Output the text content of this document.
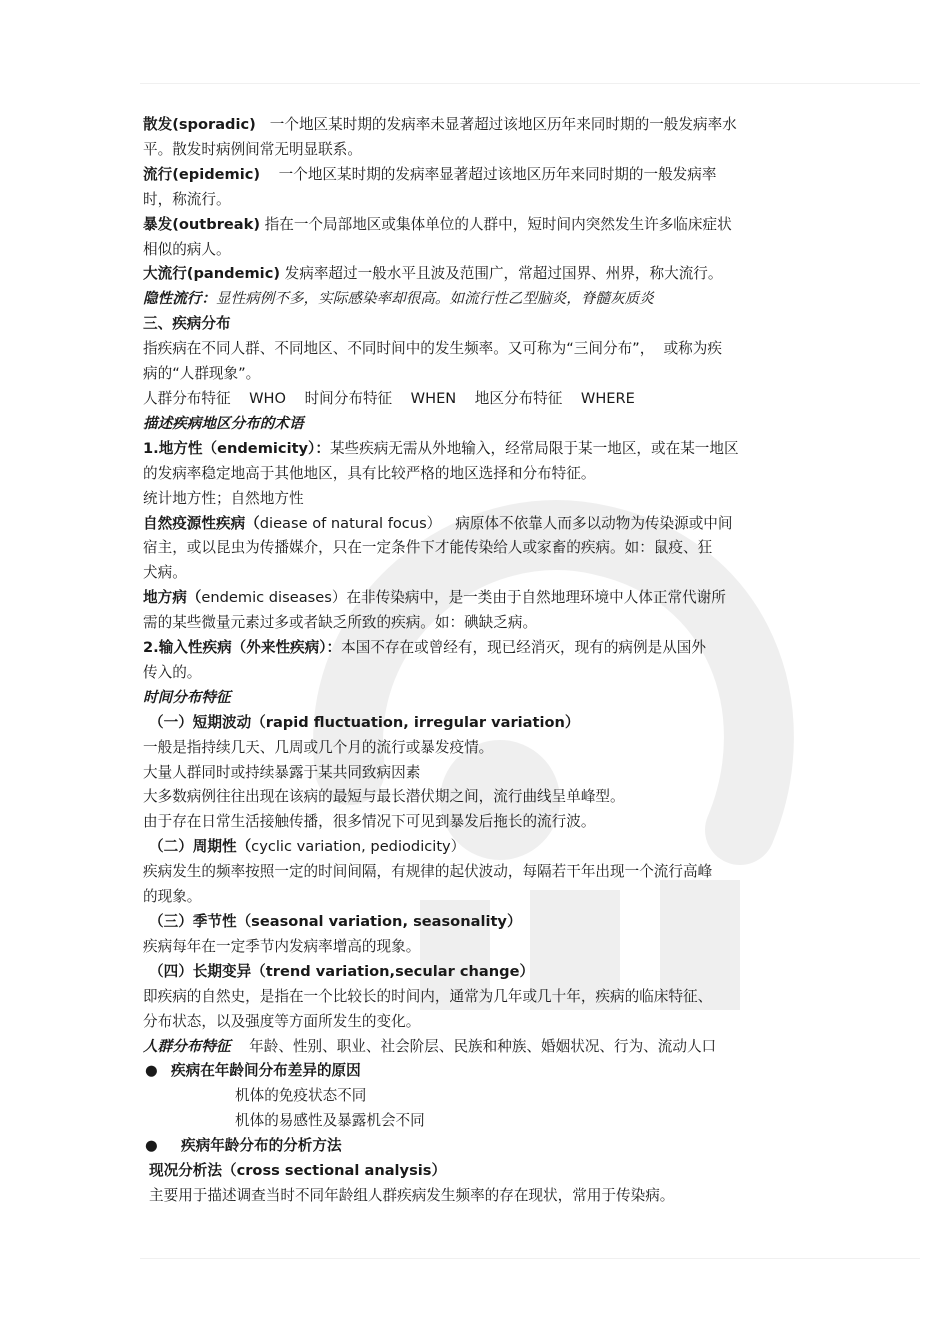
散发(sporadic)   一个地区某时期的发病率未显著超过该地区历年来同时期的一般发病率水
平。散发时病例间常无明显联系。
流行(epidemic)    一个地区某时期的发病率显著超过该地区历年来同时期的一般发病率
时，称流行。
暴发(outbreak) 指在一个局部地区或集体单位的人群中，短时间内突然发生许多临床症状
相似的病人。
大流行(pandemic) 发病率超过一般水平且波及范围广，常超过国界、州界，称大流行。
隐性流行：显性病例不多，实际感染率却很高。如流行性乙型脑炎，脊髓灰质炎
三、疾病分布
指疾病在不同人群、不同地区、不同时间中的发生频率。又可称为“三间分布”，  或称为疾
病的“人群现象”。
人群分布特征    WHO    时间分布特征    WHEN    地区分布特征    WHERE
描述疾病地区分布的术语
1.地方性（endemicity）：某些疾病无需从外地输入，经常局限于某一地区，或在某一地区
的发病率稳定地高于其他地区，具有比较严格的地区选择和分布特征。
统计地方性；自然地方性
自然疫源性疾病（diease of natural focus）   病原体不依靠人而多以动物为传染源或中间
宿主，或以昆虫为传播媒介，只在一定条件下才能传染给人或家畜的疾病。如：鼠疫、狂
犬病。
地方病（endemic diseases）在非传染病中，是一类由于自然地理环境中人体正常代谢所
需的某些微量元素过多或者缺乏所致的疾病。如：碘缺乏病。
2.输入性疾病（外来性疾病）：本国不存在或曾经有，现已经消灭，现有的病例是从国外
传入的。
时间分布特征
（一）短期波动（rapid fluctuation, irregular variation）
一般是指持续几天、几周或几个月的流行或暴发疫情。
大量人群同时或持续暴露于某共同致病因素
大多数病例往往出现在该病的最短与最长潜伏期之间，流行曲线呈单峰型。
由于存在日常生活接触传播，很多情况下可见到暴发后拖长的流行波。
（二）周期性（cyclic variation, pediodicity）
疾病发生的频率按照一定的时间间隔，有规律的起伏波动，每隔若干年出现一个流行高峰
的现象。
（三）季节性（seasonal variation, seasonality）
疾病每年在一定季节内发病率增高的现象。
（四）长期变异（trend variation,secular change）
即疾病的自然史，是指在一个比较长的时间内，通常为几年或几十年，疾病的临床特征、
分布状态，以及强度等方面所发生的变化。
人群分布特征    年龄、性别、职业、社会阶层、民族和种族、婚姻状况、行为、流动人口
● 疾病在年龄间分布差异的原因
机体的免疫状态不同
机体的易感性及暴露机会不同
● 疾病年龄分布的分析方法
现况分析法（cross sectional analysis）
主要用于描述调查当时不同年龄组人群疾病发生频率的存在现状，常用于传染病。
